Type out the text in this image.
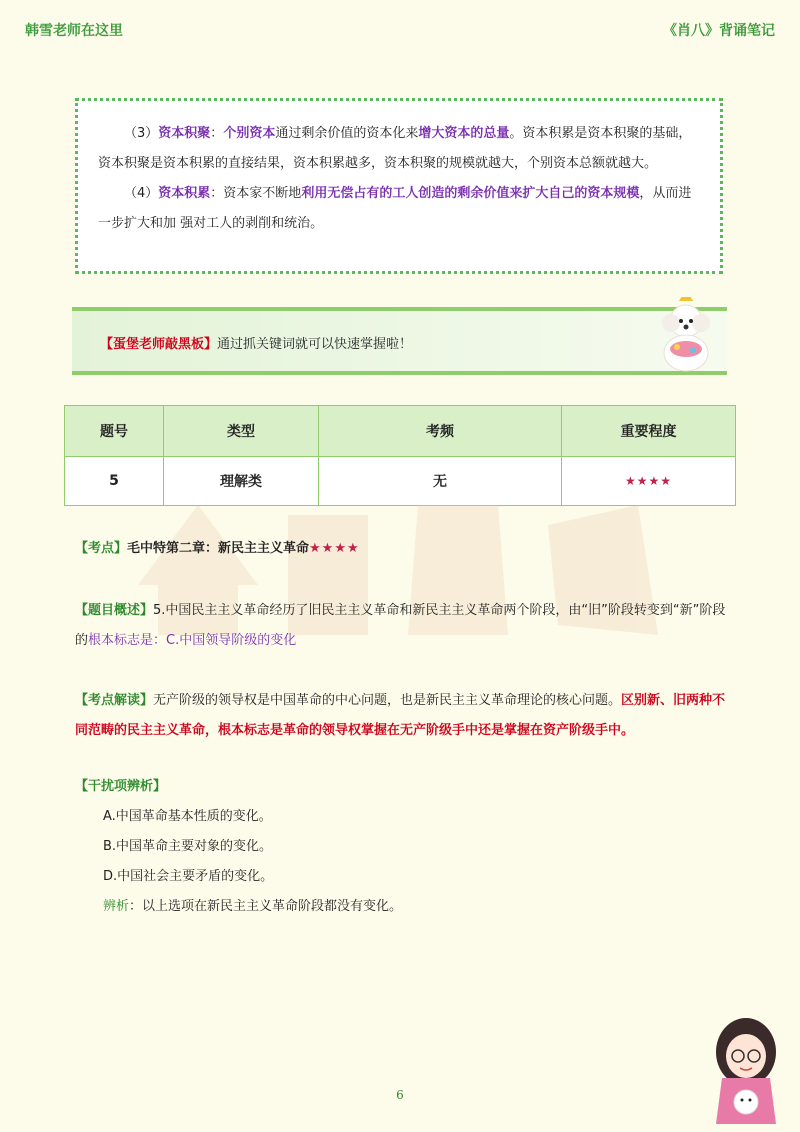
韩雪老师在这里	《肖八》背诵笔记

（3）资本积聚：个别资本通过剩余价值的资本化来增大资本的总量。资本积累是资本积聚的基础，资本积聚是资本积累的直接结果，资本积累越多，资本积聚的规模就越大，个别资本总额就越大。

（4）资本积累：资本家不断地利用无偿占有的工人创造的剩余价值来扩大自己的资本规模，从而进一步扩大和加 强对工人的剥削和统治。

【蛋堡老师敲黑板】通过抓关键词就可以快速掌握啦！
题号	类型	考频	重要程度
5	理解类	无	★★★★
【考点】毛中特第二章：新民主主义革命★★★★
【题目概述】5.中国民主主义革命经历了旧民主主义革命和新民主主义革命两个阶段，由“旧”阶段转变到“新”阶段的根本标志是：C.中国领导阶级的变化
【考点解读】无产阶级的领导权是中国革命的中心问题，也是新民主主义革命理论的核心问题。区别新、旧两种不同范畴的民主主义革命，根本标志是革命的领导权掌握在无产阶级手中还是掌握在资产阶级手中。
【干扰项辨析】
A.中国革命基本性质的变化。
B.中国革命主要对象的变化。
D.中国社会主要矛盾的变化。
辨析：以上选项在新民主主义革命阶段都没有变化。
6
